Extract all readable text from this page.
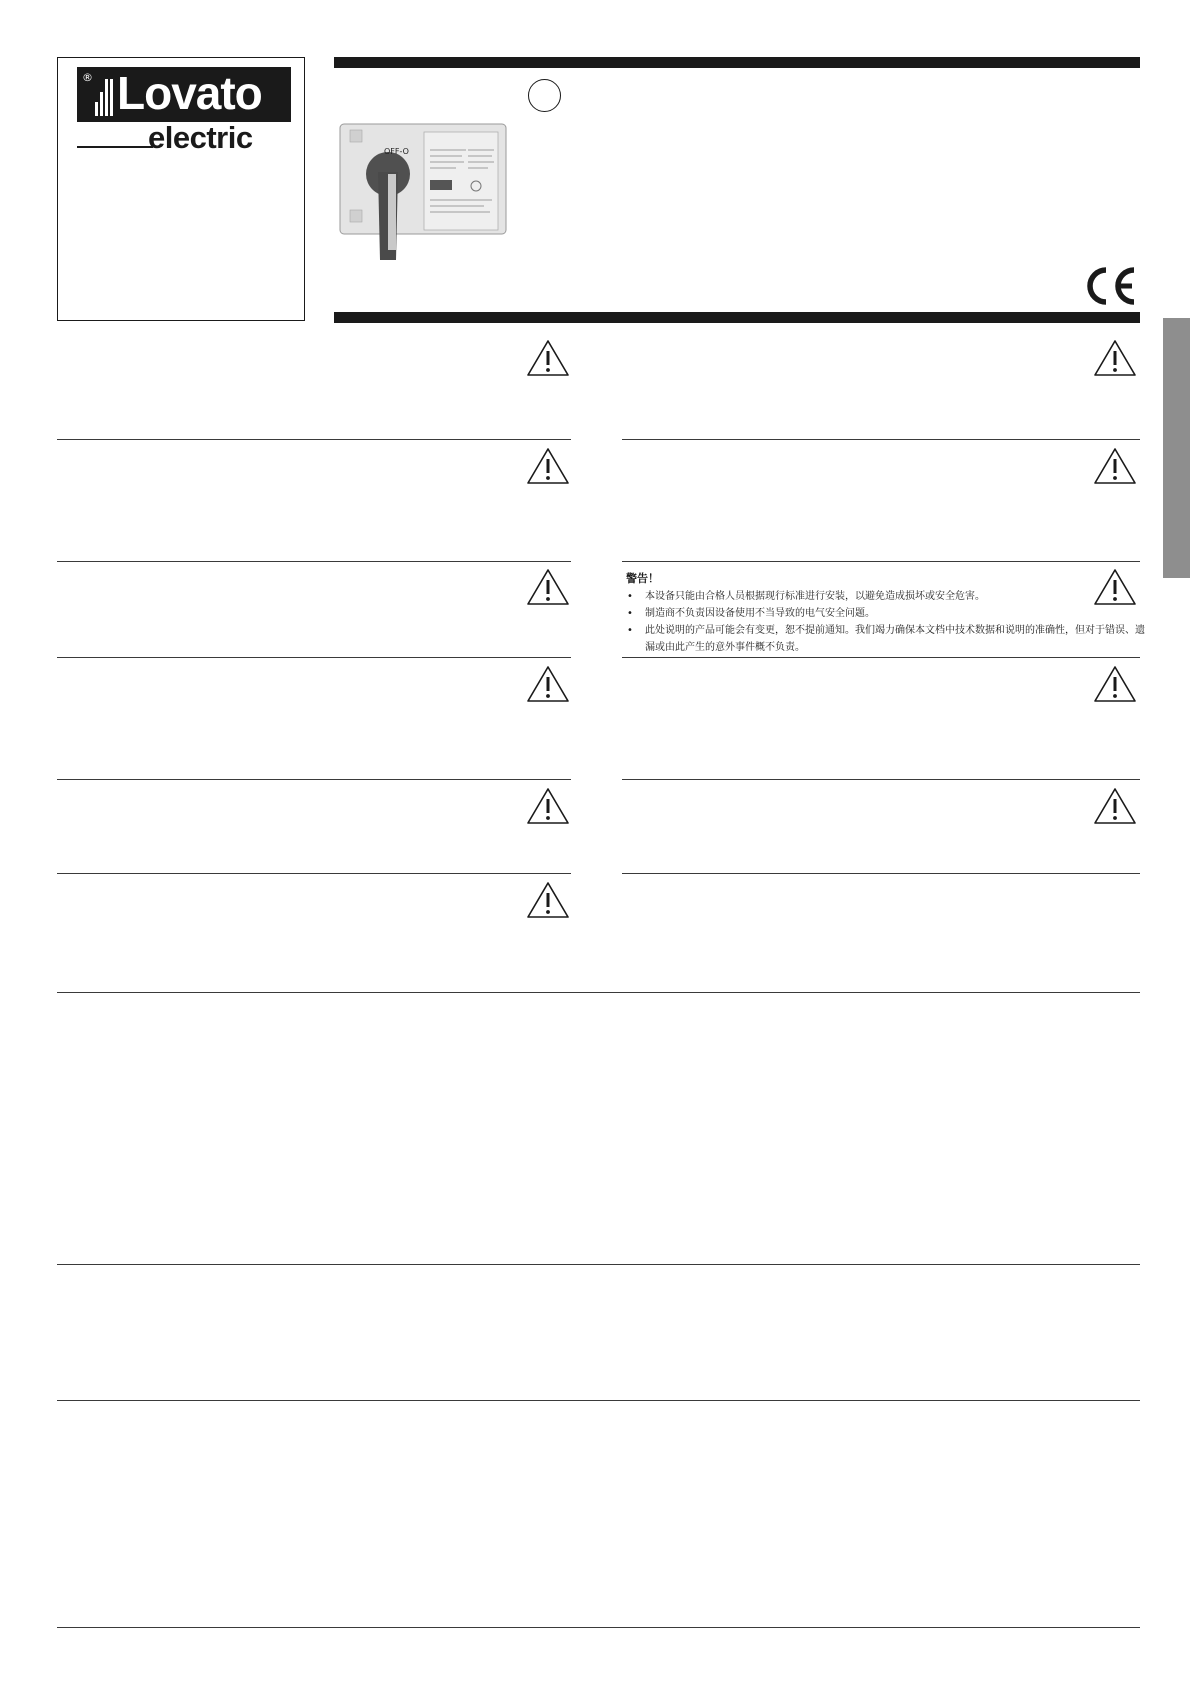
® Lovato
electric	OFF-O
警告！
• 本设备只能由合格人员根据现行标准进行安装，以避免造成损坏或安全危害。
• 制造商不负责因设备使用不当导致的电气安全问题。
• 此处说明的产品可能会有变更，恕不提前通知。我们竭力确保本文档中技术数据和说明的准确性，但对于错误、遗漏或由此产生的意外事件概不负责。
